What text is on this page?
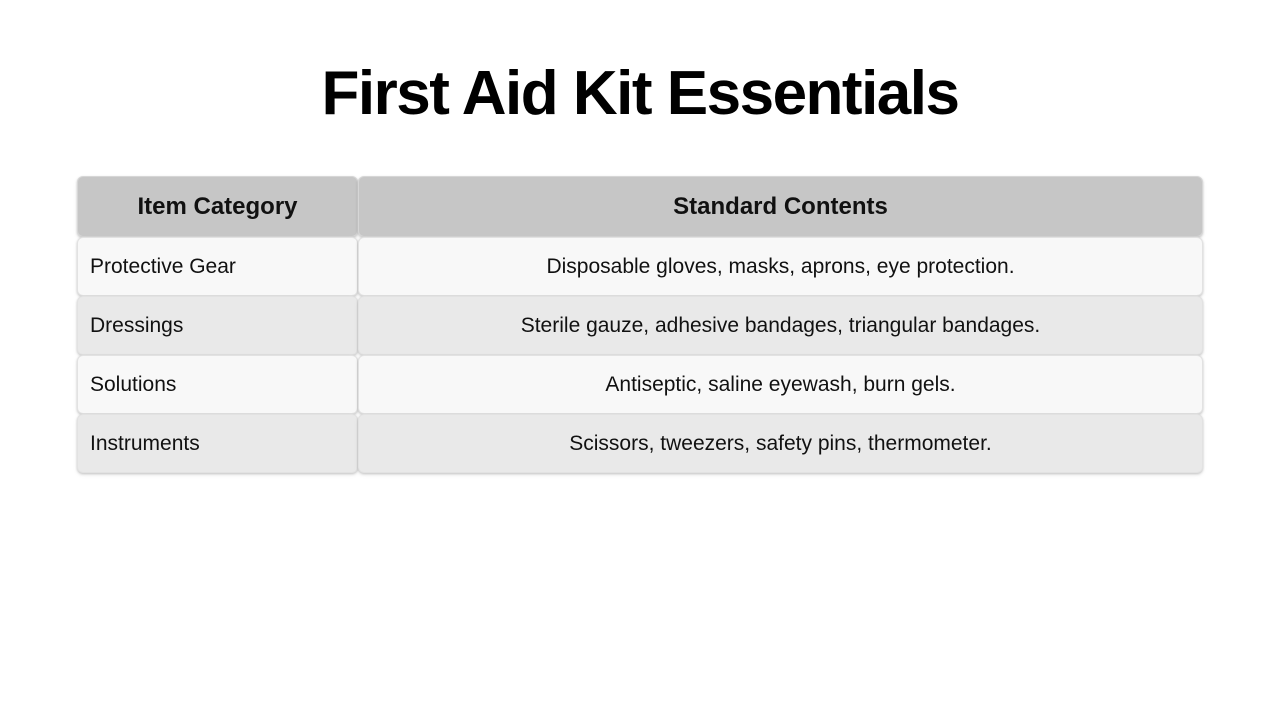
First Aid Kit Essentials
Item Category	Standard Contents
Protective Gear	Disposable gloves, masks, aprons, eye protection.
Dressings	Sterile gauze, adhesive bandages, triangular bandages.
Solutions	Antiseptic, saline eyewash, burn gels.
Instruments	Scissors, tweezers, safety pins, thermometer.
